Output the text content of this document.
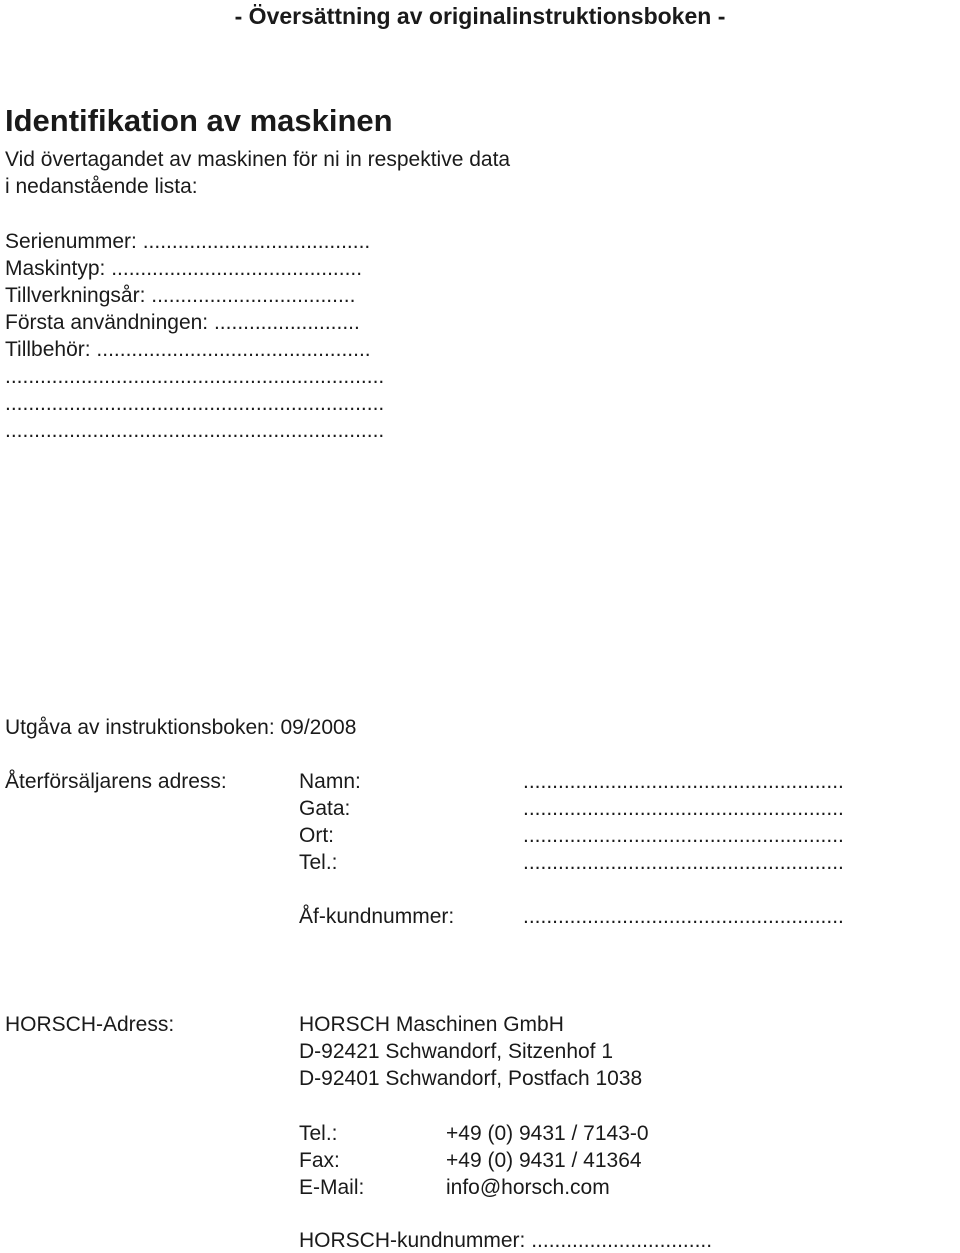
- Översättning av originalinstruktionsboken -
Identifikation av maskinen
Vid övertagandet av maskinen för ni in respektive data
i nedanstående lista:
Serienummer: .......................................
Maskintyp: ...........................................
Tillverkningsår: ...................................
Första användningen: .........................
Tillbehör: ...............................................
.................................................................
.................................................................
.................................................................
Utgåva av instruktionsboken: 09/2008
Återförsäljarens adress:	Namn:	.......................................................
Gata:	.......................................................
Ort:	.......................................................
Tel.:	.......................................................
Åf-kundnummer:	.......................................................
HORSCH-Adress:	HORSCH Maschinen GmbH
D-92421 Schwandorf, Sitzenhof 1
D-92401 Schwandorf, Postfach 1038
Tel.:	+49 (0) 9431 / 7143-0
Fax:	+49 (0) 9431 / 41364
E-Mail:	info@horsch.com
HORSCH-kundnummer: ...............................
